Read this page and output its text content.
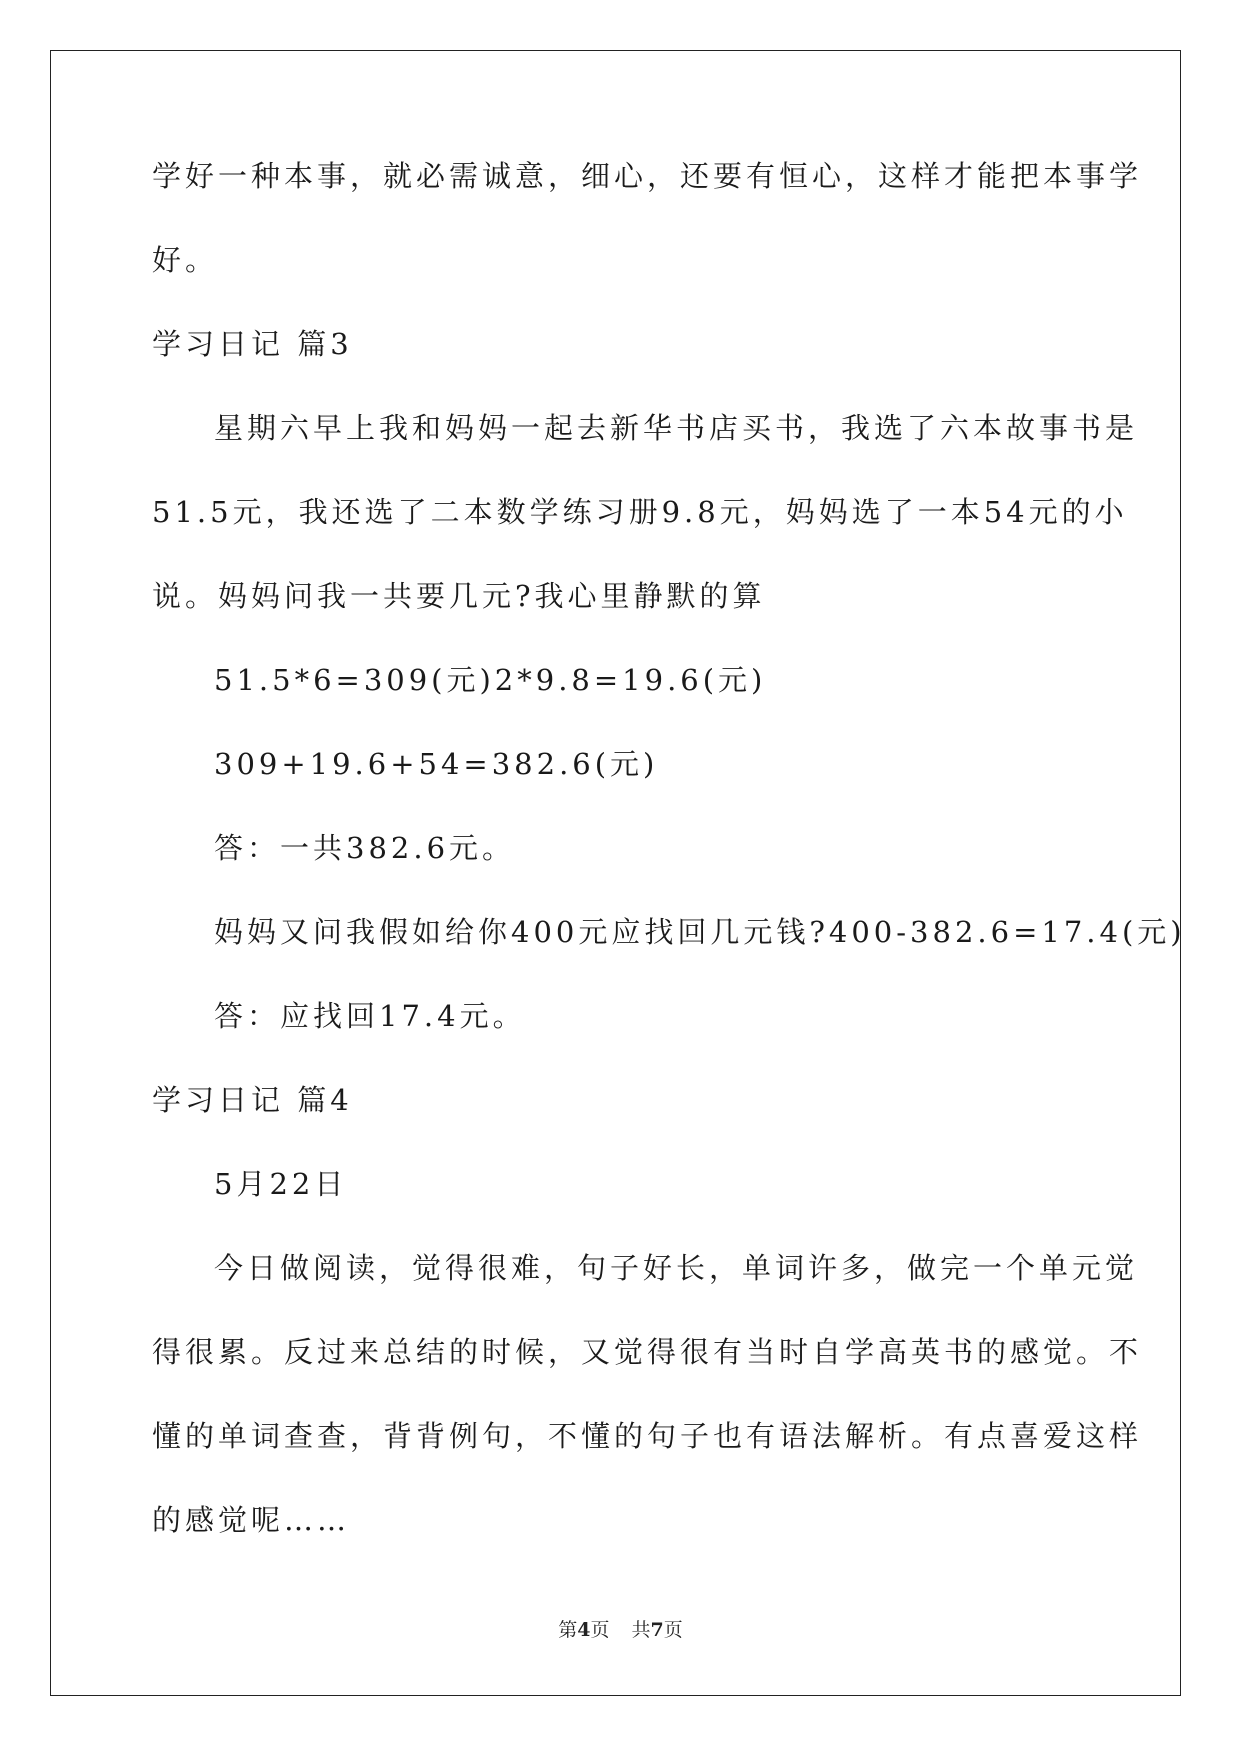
学好一种本事，就必需诚意，细心，还要有恒心，这样才能把本事学
好。
学习日记 篇3
星期六早上我和妈妈一起去新华书店买书，我选了六本故事书是
51.5元，我还选了二本数学练习册9.8元，妈妈选了一本54元的小
说。妈妈问我一共要几元?我心里静默的算
51.5*6=309(元)2*9.8=19.6(元)
309+19.6+54=382.6(元)
答：一共382.6元。
妈妈又问我假如给你400元应找回几元钱?400-382.6=17.4(元)
答：应找回17.4元。
学习日记 篇4
5月22日
今日做阅读，觉得很难，句子好长，单词许多，做完一个单元觉
得很累。反过来总结的时候，又觉得很有当时自学高英书的感觉。不
懂的单词查查，背背例句，不懂的句子也有语法解析。有点喜爱这样
的感觉呢……
第4页 共7页
